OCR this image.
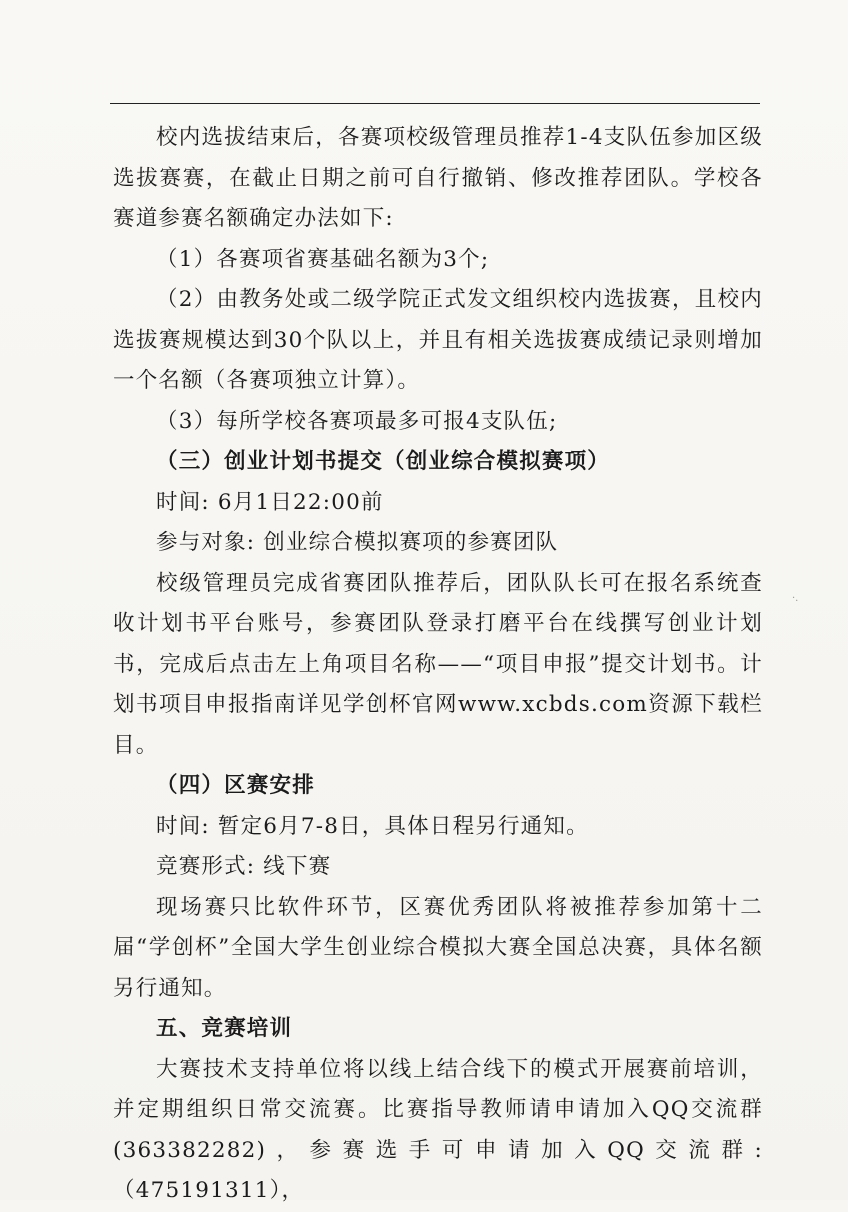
校内选拔结束后，各赛项校级管理员推荐1-4支队伍参加区级选拔赛赛，在截止日期之前可自行撤销、修改推荐团队。学校各赛道参赛名额确定办法如下:

（1）各赛项省赛基础名额为3个;

（2）由教务处或二级学院正式发文组织校内选拔赛，且校内选拔赛规模达到30个队以上，并且有相关选拔赛成绩记录则增加一个名额（各赛项独立计算）。

（3）每所学校各赛项最多可报4支队伍;

（三）创业计划书提交（创业综合模拟赛项）

时间: 6月1日22:00前

参与对象: 创业综合模拟赛项的参赛团队

校级管理员完成省赛团队推荐后，团队队长可在报名系统查收计划书平台账号，参赛团队登录打磨平台在线撰写创业计划书，完成后点击左上角项目名称——“项目申报”提交计划书。计划书项目申报指南详见学创杯官网www.xcbds.com资源下载栏目。

（四）区赛安排

时间: 暂定6月7-8日，具体日程另行通知。

竞赛形式: 线下赛

现场赛只比软件环节，区赛优秀团队将被推荐参加第十二届“学创杯”全国大学生创业综合模拟大赛全国总决赛，具体名额另行通知。

五、竞赛培训

大赛技术支持单位将以线上结合线下的模式开展赛前培训，并定期组织日常交流赛。比赛指导教师请申请加入QQ交流群(363382282)，参赛选手可申请加入QQ交流群: （475191311），

·.
